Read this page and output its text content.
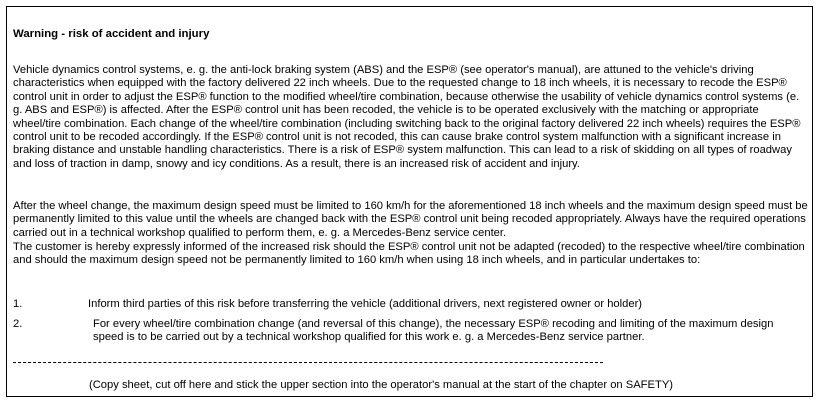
Warning - risk of accident and injury

Vehicle dynamics control systems, e. g. the anti-lock braking system (ABS) and the ESP® (see operator's manual), are attuned to the vehicle's driving characteristics when equipped with the factory delivered 22 inch wheels. Due to the requested change to 18 inch wheels, it is necessary to recode the ESP® control unit in order to adjust the ESP® function to the modified wheel/tire combination, because otherwise the usability of vehicle dynamics control systems (e. g. ABS and ESP®) is affected. After the ESP® control unit has been recoded, the vehicle is to be operated exclusively with the matching or appropriate wheel/tire combination. Each change of the wheel/tire combination (including switching back to the original factory delivered 22 inch wheels) requires the ESP® control unit to be recoded accordingly. If the ESP® control unit is not recoded, this can cause brake control system malfunction with a significant increase in braking distance and unstable handling characteristics. There is a risk of ESP® system malfunction. This can lead to a risk of skidding on all types of roadway and loss of traction in damp, snowy and icy conditions. As a result, there is an increased risk of accident and injury.

After the wheel change, the maximum design speed must be limited to 160 km/h for the aforementioned 18 inch wheels and the maximum design speed must be permanently limited to this value until the wheels are changed back with the ESP® control unit being recoded appropriately. Always have the required operations carried out in a technical workshop qualified to perform them, e. g. a Mercedes-Benz service center.

The customer is hereby expressly informed of the increased risk should the ESP® control unit not be adapted (recoded) to the respective wheel/tire combination and should the maximum design speed not be permanently limited to 160 km/h when using 18 inch wheels, and in particular undertakes to:

1.	Inform third parties of this risk before transferring the vehicle (additional drivers, next registered owner or holder)
2.	For every wheel/tire combination change (and reversal of this change), the necessary ESP® recoding and limiting of the maximum design speed is to be carried out by a technical workshop qualified for this work e. g. a Mercedes-Benz service partner.
(Copy sheet, cut off here and stick the upper section into the operator's manual at the start of the chapter on SAFETY)
